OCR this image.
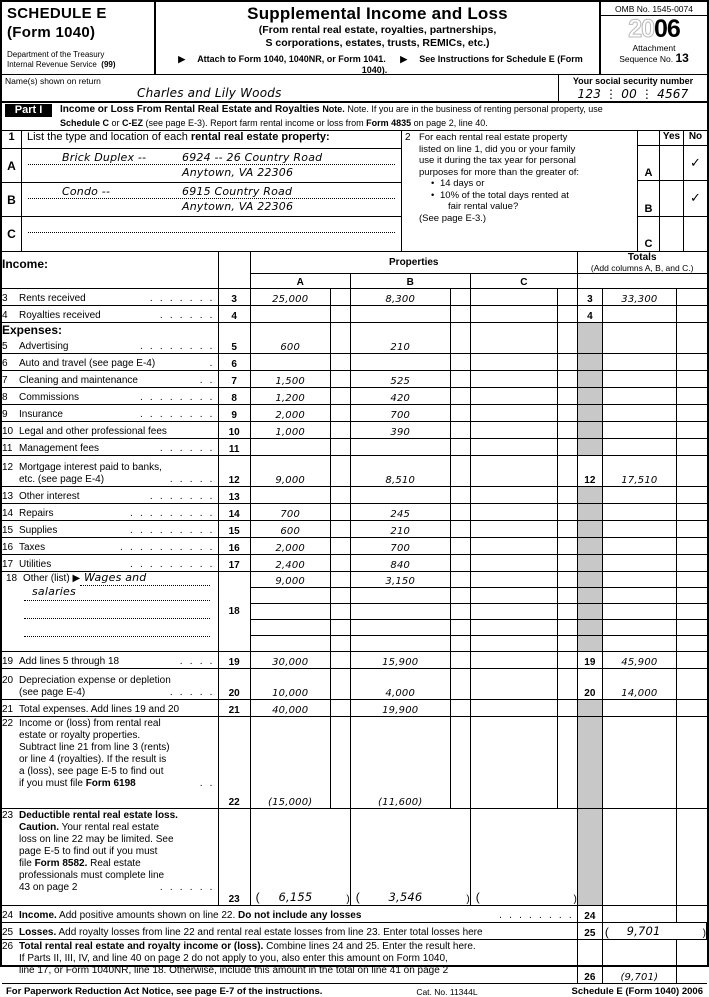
SCHEDULE E
(Form 1040)
Department of the Treasury
Internal Revenue Service (99)
Supplemental Income and Loss
(From rental real estate, royalties, partnerships,
S corporations, estates, trusts, REMICs, etc.)
▶ Attach to Form 1040, 1040NR, or Form 1041. ▶ See Instructions for Schedule E (Form 1040).
OMB No. 1545-0074
2006
Attachment
Sequence No. 13
Name(s) shown on return
Charles and Lily Woods
Your social security number
123 ⋮ 00 ⋮ 4567
Part I	Income or Loss From Rental Real Estate and Royalties Note. Note. If you are in the business of renting personal property, use
Schedule C or C-EZ (see page E-3). Report farm rental income or loss from Form 4835 on page 2, line 40.
1	List the type and location of each rental real estate property:
A
Brick Duplex --	6924 -- 26 Country Road
Anytown, VA 22306
B
Condo --	6915 Country Road
Anytown, VA 22306
C
2 For each rental real estate property
listed on line 1, did you or your family
use it during the tax year for personal
purposes for more than the greater of:
• 14 days or
• 10% of the total days rented at
fair rental value?
(See page E-3.)
Yes No
A
✓
B
✓
C
Income:		Properties						Totals
(Add columns A, B, and C.)		

		A		B		C				
3 Rents received . . . . . . .	3	25,000		8,300				3	33,300	
4 Royalties received . . . . . .	4							4		
Expenses:
5 Advertising . . . . . . . .	5	600		210						
6 Auto and travel (see page E-4) .	6									
7 Cleaning and maintenance . .	7	1,500		525						
8 Commissions . . . . . . . .	8	1,200		420						
9 Insurance . . . . . . . .	9	2,000		700						
10 Legal and other professional fees	10	1,000		390						
11 Management fees . . . . . .	11									

12 Mortgage interest paid to banks,
etc. (see page E-4) . . . . .	12	9,000		8,510				12	17,510	
13 Other interest . . . . . . .	13									
14 Repairs . . . . . . . . .	14	700		245						
15 Supplies . . . . . . . . .	15	600		210						
16 Taxes . . . . . . . . . .	16	2,000		700						
17 Utilities . . . . . . . . .	17	2,400		840						

18 Other (list) ▶ Wages and
salaries	18	9,000		3,150						

19 Add lines 5 through 18 . . . .	19	30,000		15,900				19	45,900	

20 Depreciation expense or depletion
(see page E-4) . . . . .	20	10,000		4,000				20	14,000	
21 Total expenses. Add lines 19 and 20	21	40,000		19,900						

22 Income or (loss) from rental real
estate or royalty properties.
Subtract line 21 from line 3 (rents)
or line 4 (royalties). If the result is
a (loss), see page E-5 to find out
if you must file Form 6198	. .
	22	(15,000)		(11,600)						

23 Deductible rental real estate loss.
Caution. Your rental real estate
loss on line 22 may be limited. See
page E-5 to find out if you must
file Form 8582. Real estate
professionals must complete line
43 on page 2	. . . . . .
	23	(	6,155	)	(	3,546	)	(	)			
24 Income. Add positive amounts shown on line 22. Do not include any losses . . . . . . . .								24		
25 Losses. Add royalty losses from line 22 and rental real estate losses from line 23. Enter total losses here								25	( 9,701	)

26 Total rental real estate and royalty income or (loss). Combine lines 24 and 25. Enter the result here.
If Parts II, III, IV, and line 40 on page 2 do not apply to you, also enter this amount on Form 1040,
line 17, or Form 1040NR, line 18. Otherwise, include this amount in the total on line 41 on page 2								26	(9,701)	
For Paperwork Reduction Act Notice, see page E-7 of the instructions.	Cat. No. 11344L	Schedule E (Form 1040) 2006
